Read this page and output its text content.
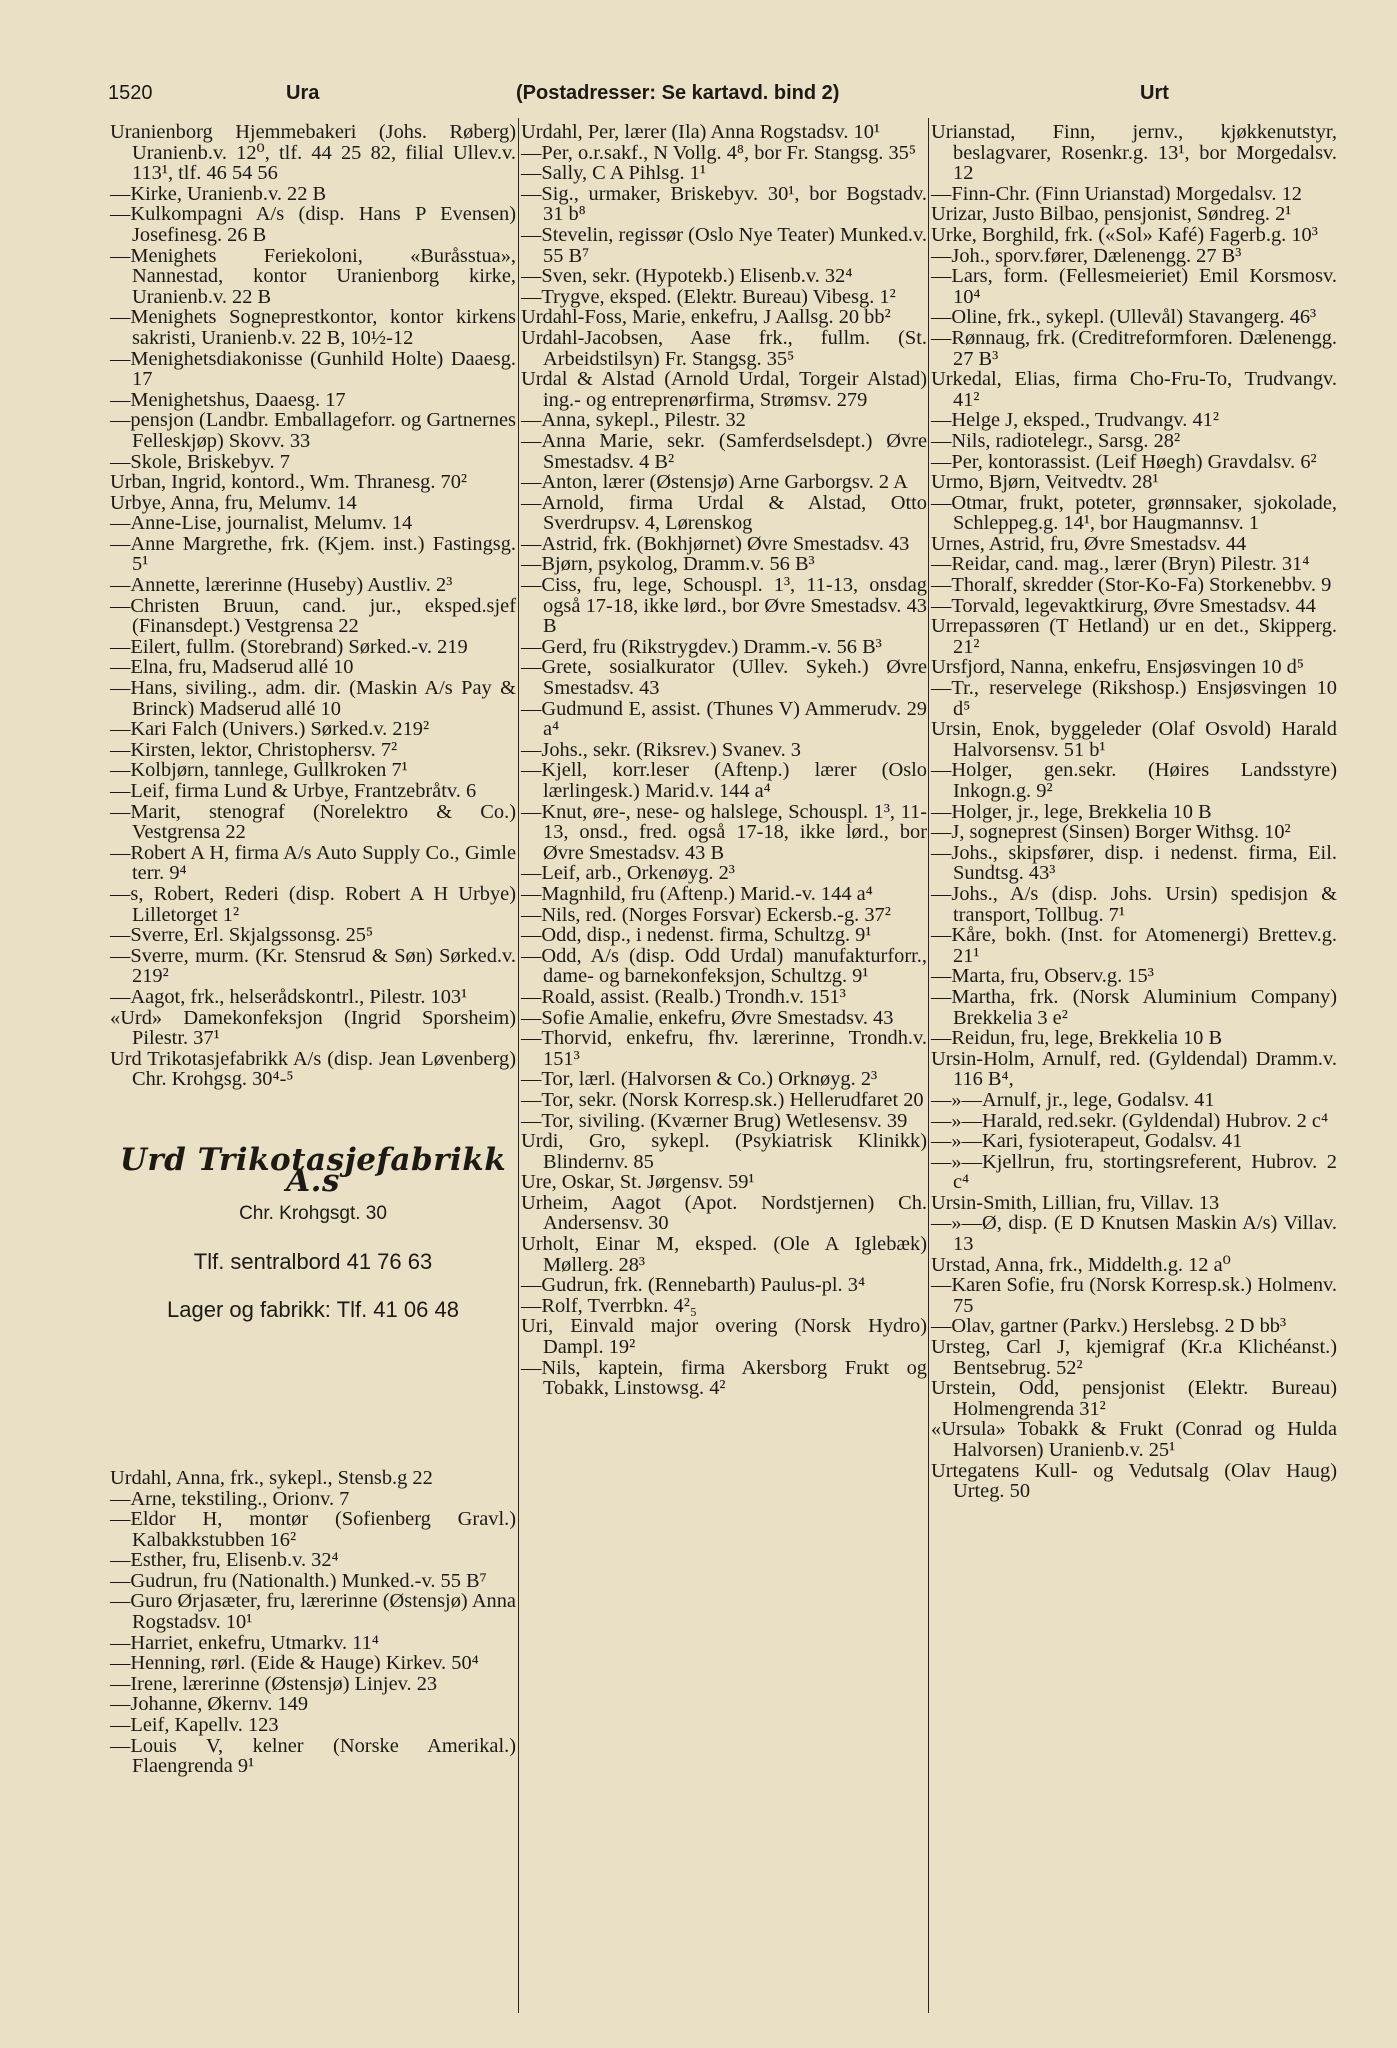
1520	Ura	(Postadresser: Se kartavd. bind 2)	Urt

Uranienborg Hjemmebakeri (Johs. Røberg) Uranienb.v. 12⁰, tlf. 44 25 82, filial Ullev.v. 113¹, tlf. 46 54 56

—Kirke, Uranienb.v. 22 B

—Kulkompagni A/s (disp. Hans P Evensen) Josefinesg. 26 B

—Menighets Feriekoloni, «Buråsstua», Nannestad, kontor Uranienborg kirke, Uranienb.v. 22 B

—Menighets Sogneprestkontor, kontor kirkens sakristi, Uranienb.v. 22 B, 10½-12

—Menighetsdiakonisse (Gunhild Holte) Daaesg. 17

—Menighetshus, Daaesg. 17

—pensjon (Landbr. Emballageforr. og Gartnernes Felleskjøp) Skovv. 33

—Skole, Briskebyv. 7

Urban, Ingrid, kontord., Wm. Thranesg. 70²

Urbye, Anna, fru, Melumv. 14

—Anne-Lise, journalist, Melumv. 14

—Anne Margrethe, frk. (Kjem. inst.) Fastingsg. 5¹

—Annette, lærerinne (Huseby) Austliv. 2³

—Christen Bruun, cand. jur., eksped.sjef (Finansdept.) Vestgrensa 22

—Eilert, fullm. (Storebrand) Sørked.-v. 219

—Elna, fru, Madserud allé 10

—Hans, siviling., adm. dir. (Maskin A/s Pay & Brinck) Madserud allé 10

—Kari Falch (Univers.) Sørked.v. 219²

—Kirsten, lektor, Christophersv. 7²

—Kolbjørn, tannlege, Gullkroken 7¹

—Leif, firma Lund & Urbye, Frantzebråtv. 6

—Marit, stenograf (Norelektro & Co.) Vestgrensa 22

—Robert A H, firma A/s Auto Supply Co., Gimle terr. 9⁴

—s, Robert, Rederi (disp. Robert A H Urbye) Lilletorget 1²

—Sverre, Erl. Skjalgssonsg. 25⁵

—Sverre, murm. (Kr. Stensrud & Søn) Sørked.v. 219²

—Aagot, frk., helserådskontrl., Pilestr. 103¹

«Urd» Damekonfeksjon (Ingrid Sporsheim) Pilestr. 37¹

Urd Trikotasjefabrikk A/s (disp. Jean Løvenberg) Chr. Krohgsg. 30⁴-⁵

Urd Trikotasjefabrikk A.s
Chr. Krohgsgt. 30
Tlf. sentralbord 41 76 63
Lager og fabrikk: Tlf. 41 06 48

Urdahl, Anna, frk., sykepl., Stensb.g 22

—Arne, tekstiling., Orionv. 7

—Eldor H, montør (Sofienberg Gravl.) Kalbakkstubben 16²

—Esther, fru, Elisenb.v. 32⁴

—Gudrun, fru (Nationalth.) Munked.-v. 55 B⁷

—Guro Ørjasæter, fru, lærerinne (Østensjø) Anna Rogstadsv. 10¹

—Harriet, enkefru, Utmarkv. 11⁴

—Henning, rørl. (Eide & Hauge) Kirkev. 50⁴

—Irene, lærerinne (Østensjø) Linjev. 23

—Johanne, Økernv. 149

—Leif, Kapellv. 123

—Louis V, kelner (Norske Amerikal.) Flaengrenda 9¹

Urdahl, Per, lærer (Ila) Anna Rogstadsv. 10¹

—Per, o.r.sakf., N Vollg. 4⁸, bor Fr. Stangsg. 35⁵

—Sally, C A Pihlsg. 1¹

—Sig., urmaker, Briskebyv. 30¹, bor Bogstadv. 31 b⁸

—Stevelin, regissør (Oslo Nye Teater) Munked.v. 55 B⁷

—Sven, sekr. (Hypotekb.) Elisenb.v. 32⁴

—Trygve, eksped. (Elektr. Bureau) Vibesg. 1²

Urdahl-Foss, Marie, enkefru, J Aallsg. 20 bb²

Urdahl-Jacobsen, Aase frk., fullm. (St. Arbeidstilsyn) Fr. Stangsg. 35⁵

Urdal & Alstad (Arnold Urdal, Torgeir Alstad) ing.- og entreprenørfirma, Strømsv. 279

—Anna, sykepl., Pilestr. 32

—Anna Marie, sekr. (Samferdselsdept.) Øvre Smestadsv. 4 B²

—Anton, lærer (Østensjø) Arne Garborgsv. 2 A

—Arnold, firma Urdal & Alstad, Otto Sverdrupsv. 4, Lørenskog

—Astrid, frk. (Bokhjørnet) Øvre Smestadsv. 43

—Bjørn, psykolog, Dramm.v. 56 B³

—Ciss, fru, lege, Schouspl. 1³, 11-13, onsdag også 17-18, ikke lørd., bor Øvre Smestadsv. 43 B

—Gerd, fru (Rikstrygdev.) Dramm.-v. 56 B³

—Grete, sosialkurator (Ullev. Sykeh.) Øvre Smestadsv. 43

—Gudmund E, assist. (Thunes V) Ammerudv. 29 a⁴

—Johs., sekr. (Riksrev.) Svanev. 3

—Kjell, korr.leser (Aftenp.) lærer (Oslo lærlingesk.) Marid.v. 144 a⁴

—Knut, øre-, nese- og halslege, Schouspl. 1³, 11-13, onsd., fred. også 17-18, ikke lørd., bor Øvre Smestadsv. 43 B

—Leif, arb., Orkenøyg. 2³

—Magnhild, fru (Aftenp.) Marid.-v. 144 a⁴

—Nils, red. (Norges Forsvar) Eckersb.-g. 37²

—Odd, disp., i nedenst. firma, Schultzg. 9¹

—Odd, A/s (disp. Odd Urdal) manufakturforr., dame- og barnekonfeksjon, Schultzg. 9¹

—Roald, assist. (Realb.) Trondh.v. 151³

—Sofie Amalie, enkefru, Øvre Smestadsv. 43

—Thorvid, enkefru, fhv. lærerinne, Trondh.v. 151³

—Tor, lærl. (Halvorsen & Co.) Orknøyg. 2³

—Tor, sekr. (Norsk Korresp.sk.) Hellerudfaret 20

—Tor, siviling. (Kværner Brug) Wetlesensv. 39

Urdi, Gro, sykepl. (Psykiatrisk Klinikk) Blindernv. 85

Ure, Oskar, St. Jørgensv. 59¹

Urheim, Aagot (Apot. Nordstjernen) Ch. Andersensv. 30

Urholt, Einar M, eksped. (Ole A Iglebæk) Møllerg. 28³

—Gudrun, frk. (Rennebarth) Paulus-pl. 3⁴

—Rolf, Tverrbkn. 4²₅

Uri, Einvald major overing (Norsk Hydro) Dampl. 19²

—Nils, kaptein, firma Akersborg Frukt og Tobakk, Linstowsg. 4²

Urianstad, Finn, jernv., kjøkkenutstyr, beslagvarer, Rosenkr.g. 13¹, bor Morgedalsv. 12

—Finn-Chr. (Finn Urianstad) Morgedalsv. 12

Urizar, Justo Bilbao, pensjonist, Søndreg. 2¹

Urke, Borghild, frk. («Sol» Kafé) Fagerb.g. 10³

—Joh., sporv.fører, Dælenengg. 27 B³

—Lars, form. (Fellesmeieriet) Emil Korsmosv. 10⁴

—Oline, frk., sykepl. (Ullevål) Stavangerg. 46³

—Rønnaug, frk. (Creditreformforen. Dælenengg. 27 B³

Urkedal, Elias, firma Cho-Fru-To, Trudvangv. 41²

—Helge J, eksped., Trudvangv. 41²

—Nils, radiotelegr., Sarsg. 28²

—Per, kontorassist. (Leif Høegh) Gravdalsv. 6²

Urmo, Bjørn, Veitvedtv. 28¹

—Otmar, frukt, poteter, grønnsaker, sjokolade, Schleppeg.g. 14¹, bor Haugmannsv. 1

Urnes, Astrid, fru, Øvre Smestadsv. 44

—Reidar, cand. mag., lærer (Bryn) Pilestr. 31⁴

—Thoralf, skredder (Stor-Ko-Fa) Storkenebbv. 9

—Torvald, legevaktkirurg, Øvre Smestadsv. 44

Urrepassøren (T Hetland) ur en det., Skipperg. 21²

Ursfjord, Nanna, enkefru, Ensjøsvingen 10 d⁵

—Tr., reservelege (Rikshosp.) Ensjøsvingen 10 d⁵

Ursin, Enok, byggeleder (Olaf Osvold) Harald Halvorsensv. 51 b¹

—Holger, gen.sekr. (Høires Landsstyre) Inkogn.g. 9²

—Holger, jr., lege, Brekkelia 10 B

—J, sogneprest (Sinsen) Borger Withsg. 10²

—Johs., skipsfører, disp. i nedenst. firma, Eil. Sundtsg. 43³

—Johs., A/s (disp. Johs. Ursin) spedisjon & transport, Tollbug. 7¹

—Kåre, bokh. (Inst. for Atomenergi) Brettev.g. 21¹

—Marta, fru, Observ.g. 15³

—Martha, frk. (Norsk Aluminium Company) Brekkelia 3 e²

—Reidun, fru, lege, Brekkelia 10 B

Ursin-Holm, Arnulf, red. (Gyldendal) Dramm.v. 116 B⁴,

—»—Arnulf, jr., lege, Godalsv. 41

—»—Harald, red.sekr. (Gyldendal) Hubrov. 2 c⁴

—»—Kari, fysioterapeut, Godalsv. 41

—»—Kjellrun, fru, stortingsreferent, Hubrov. 2 c⁴

Ursin-Smith, Lillian, fru, Villav. 13

—»—Ø, disp. (E D Knutsen Maskin A/s) Villav. 13

Urstad, Anna, frk., Middelth.g. 12 a⁰

—Karen Sofie, fru (Norsk Korresp.sk.) Holmenv. 75

—Olav, gartner (Parkv.) Herslebsg. 2 D bb³

Ursteg, Carl J, kjemigraf (Kr.a Klichéanst.) Bentsebrug. 52²

Urstein, Odd, pensjonist (Elektr. Bureau) Holmengrenda 31²

«Ursula» Tobakk & Frukt (Conrad og Hulda Halvorsen) Uranienb.v. 25¹

Urtegatens Kull- og Vedutsalg (Olav Haug) Urteg. 50
